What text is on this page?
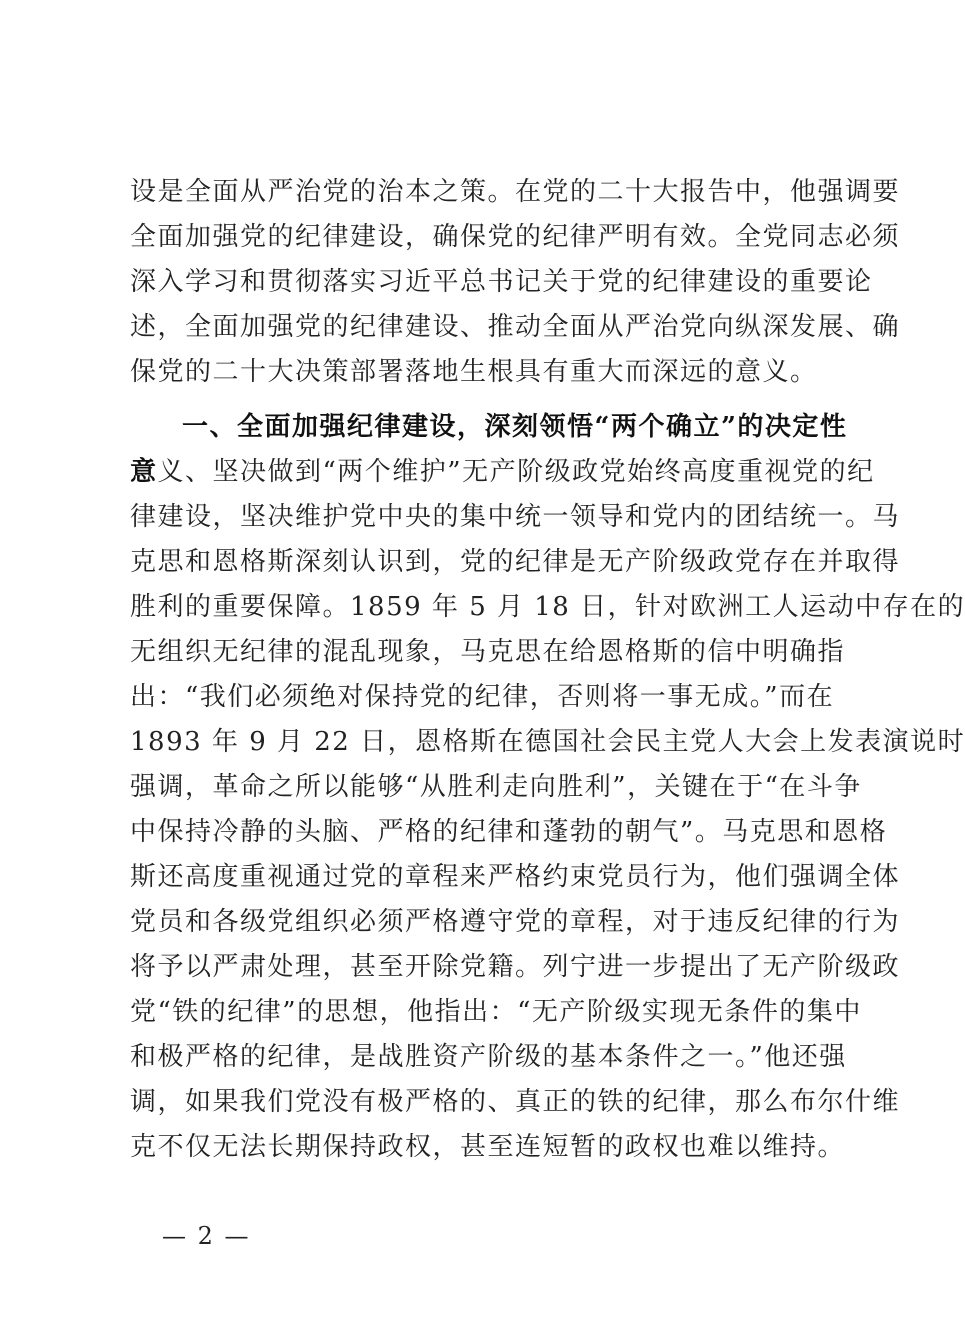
设是全面从严治党的治本之策。在党的二十大报告中，他强调要
全面加强党的纪律建设，确保党的纪律严明有效。全党同志必须
深入学习和贯彻落实习近平总书记关于党的纪律建设的重要论
述，全面加强党的纪律建设、推动全面从严治党向纵深发展、确
保党的二十大决策部署落地生根具有重大而深远的意义。
一、全面加强纪律建设，深刻领悟“两个确立”的决定性
意义、坚决做到“两个维护”无产阶级政党始终高度重视党的纪
律建设，坚决维护党中央的集中统一领导和党内的团结统一。马
克思和恩格斯深刻认识到，党的纪律是无产阶级政党存在并取得
胜利的重要保障。1859 年 5 月 18 日，针对欧洲工人运动中存在的
无组织无纪律的混乱现象，马克思在给恩格斯的信中明确指
出：“我们必须绝对保持党的纪律，否则将一事无成。”而在
1893 年 9 月 22 日，恩格斯在德国社会民主党人大会上发表演说时
强调，革命之所以能够“从胜利走向胜利”，关键在于“在斗争
中保持冷静的头脑、严格的纪律和蓬勃的朝气”。马克思和恩格
斯还高度重视通过党的章程来严格约束党员行为，他们强调全体
党员和各级党组织必须严格遵守党的章程，对于违反纪律的行为
将予以严肃处理，甚至开除党籍。列宁进一步提出了无产阶级政
党“铁的纪律”的思想，他指出：“无产阶级实现无条件的集中
和极严格的纪律，是战胜资产阶级的基本条件之一。”他还强
调，如果我们党没有极严格的、真正的铁的纪律，那么布尔什维
克不仅无法长期保持政权，甚至连短暂的政权也难以维持。
— 2 —
